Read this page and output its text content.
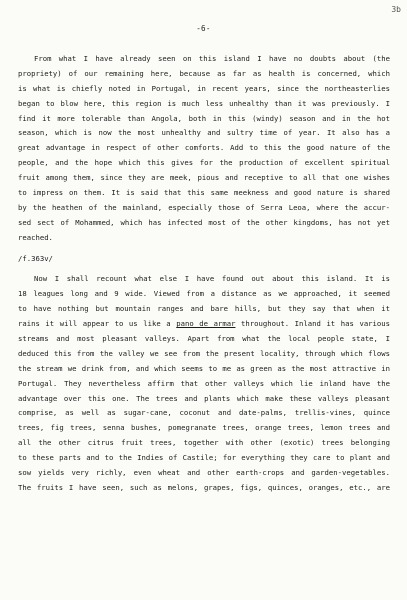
3b
-6-
From what I have already seen on this island I have no doubts about (the
propriety) of our remaining here, because as far as health is concerned, which
is what is chiefly noted in Portugal, in recent years, since the northeasterlies
began to blow here, this region is much less unhealthy than it was previously. I
find it more tolerable than Angola, both in this (windy) season and in the hot
season, which is now the most unhealthy and sultry time of year. It also has a
great advantage in respect of other comforts. Add to this the good nature of the
people, and the hope which this gives for the production of excellent spiritual
fruit among them, since they are meek, pious and receptive to all that one wishes
to impress on them. It is said that this same meekness and good nature is shared
by the heathen of the mainland, especially those of Serra Leoa, where the accur-
sed sect of Mohammed, which has infected most of the other kingdoms, has not yet
reached.
/f.363v/
Now I shall recount what else I have found out about this island. It is
18 leagues long and 9 wide. Viewed from a distance as we approached, it seemed
to have nothing but mountain ranges and bare hills, but they say that when it
rains it will appear to us like a pano de armar throughout. Inland it has various
streams and most pleasant valleys. Apart from what the local people state, I
deduced this from the valley we see from the present locality, through which flows
the stream we drink from, and which seems to me as green as the most attractive in
Portugal. They nevertheless affirm that other valleys which lie inland have the
advantage over this one. The trees and plants which make these valleys pleasant
comprise, as well as sugar-cane, coconut and date-palms, trellis-vines, quince
trees, fig trees, senna bushes, pomegranate trees, orange trees, lemon trees and
all the other citrus fruit trees, together with other (exotic) trees belonging
to these parts and to the Indies of Castile; for everything they care to plant and
sow yields very richly, even wheat and other earth-crops and garden-vegetables.
The fruits I have seen, such as melons, grapes, figs, quinces, oranges, etc., are
